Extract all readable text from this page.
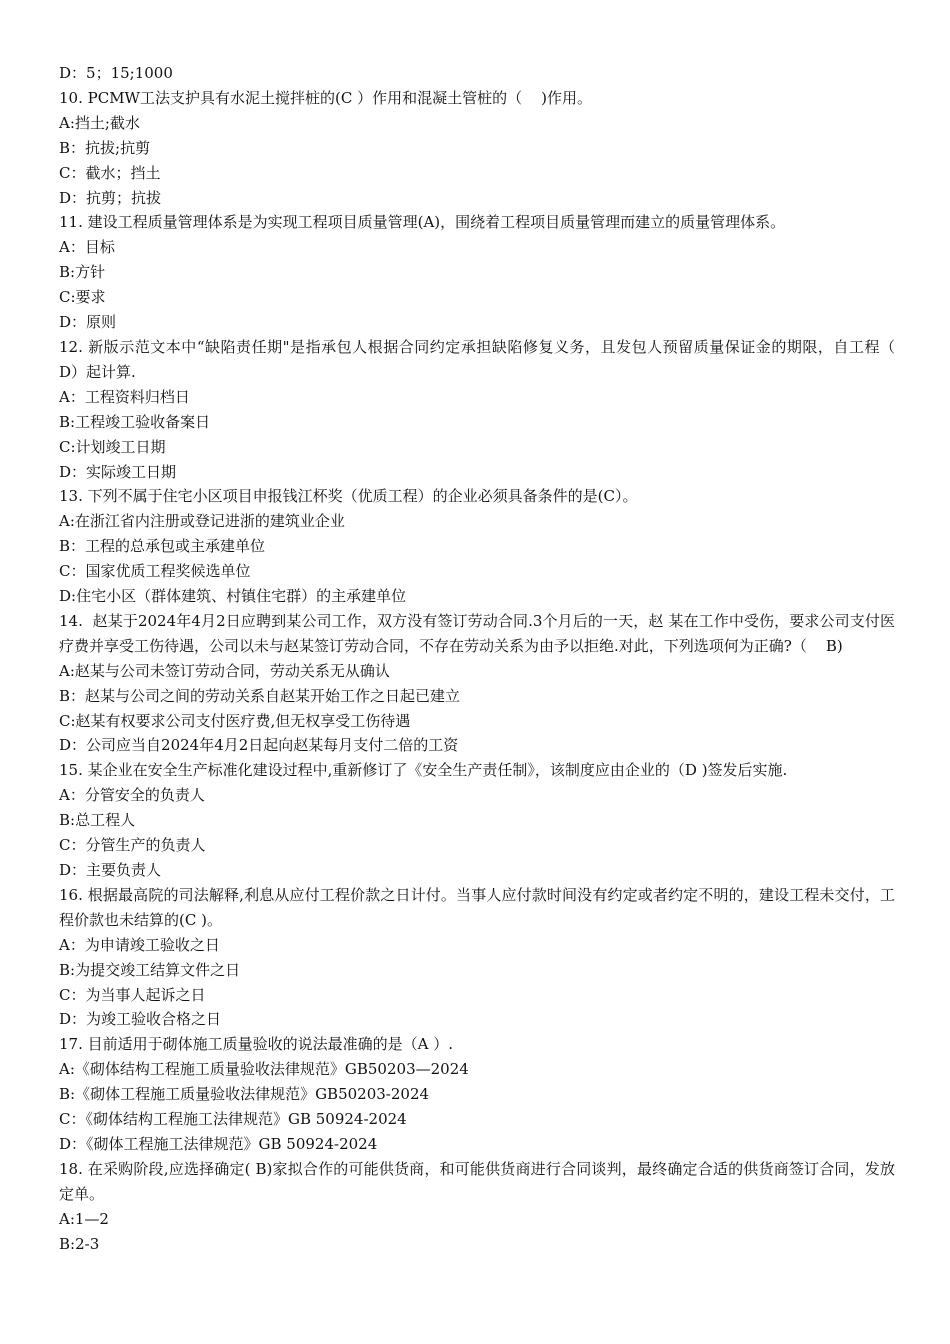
D：5；15;1000

10. PCMW工法支护具有水泥土搅拌桩的(C ）作用和混凝土管桩的（    )作用。

A:挡土;截水

B：抗拔;抗剪

C：截水；挡土

D：抗剪；抗拔

11. 建设工程质量管理体系是为实现工程项目质量管理(A)，围绕着工程项目质量管理而建立的质量管理体系。

A：目标

B:方针

C:要求

D：原则

12. 新版示范文本中“缺陷责任期"是指承包人根据合同约定承担缺陷修复义务，且发包人预留质量保证金的期限，自工程（    D）起计算.

A：工程资料归档日

B:工程竣工验收备案日

C:计划竣工日期

D：实际竣工日期

13. 下列不属于住宅小区项目申报钱江杯奖（优质工程）的企业必须具备条件的是(C）。

A:在浙江省内注册或登记进浙的建筑业企业

B：工程的总承包或主承建单位

C：国家优质工程奖候选单位

D:住宅小区（群体建筑、村镇住宅群）的主承建单位

14.  赵某于2024年4月2日应聘到某公司工作，双方没有签订劳动合同.3个月后的一天，赵 某在工作中受伤，要求公司支付医疗费并享受工伤待遇，公司以未与赵某签订劳动合同，不存在劳动关系为由予以拒绝.对此，下列选项何为正确?（    B)

A:赵某与公司未签订劳动合同，劳动关系无从确认

B：赵某与公司之间的劳动关系自赵某开始工作之日起已建立

C:赵某有权要求公司支付医疗费,但无权享受工伤待遇

D：公司应当自2024年4月2日起向赵某每月支付二倍的工资

15. 某企业在安全生产标准化建设过程中,重新修订了《安全生产责任制》，该制度应由企业的（D )签发后实施.

A：分管安全的负责人

B:总工程人

C：分管生产的负责人

D：主要负责人

16. 根据最高院的司法解释,利息从应付工程价款之日计付。当事人应付款时间没有约定或者约定不明的，建设工程未交付，工程价款也未结算的(C )。

A：为申请竣工验收之日

B:为提交竣工结算文件之日

C：为当事人起诉之日

D：为竣工验收合格之日

17. 目前适用于砌体施工质量验收的说法最准确的是（A ）.

A:《砌体结构工程施工质量验收法律规范》GB50203—2024

B:《砌体工程施工质量验收法律规范》GB50203-2024

C：《砌体结构工程施工法律规范》GB 50924-2024

D：《砌体工程施工法律规范》GB 50924-2024

18. 在采购阶段,应选择确定( B)家拟合作的可能供货商，和可能供货商进行合同谈判，最终确定合适的供货商签订合同，发放定单。

A:1—2

B:2-3
